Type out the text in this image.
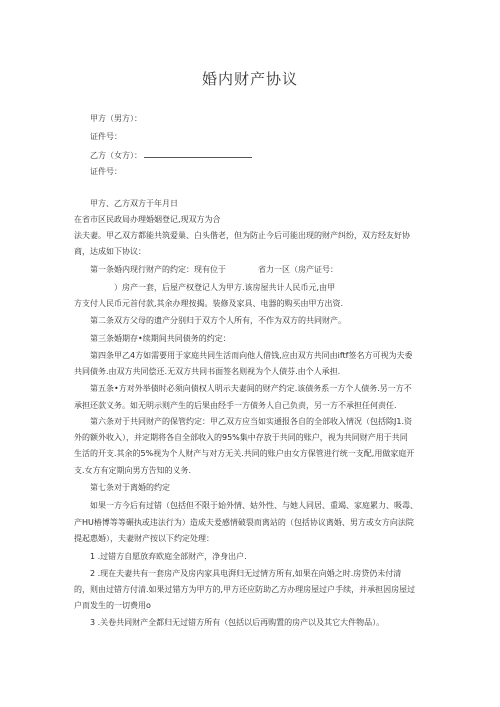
婚内财产协议
甲方（男方）：
证件号：
乙方（女方）：
证件号：
甲方、乙方双方于年月日
在省市区民政局办理婚姻登记,现双方为合
法夫妻。甲乙双方都能共筑爱巢、白头偕老，但为防止今后可能出现的财产纠纷，双方经友好协
商，达成如下协议：
第一条婚内现行财产的约定：现有位于	省力一区（房产证号：
）房产一套，后屋产权登记人为甲方.该房屋共计人民币元,由甲
方支付人民币元首付款,其余办理按揭。装修及家具、电器的购买由甲方出资.
第二条双方父母的遗产分别归于双方个人所有，不作为双方的共同财产。
第三条婚期存•续期间共同债务的约定：
第四条甲乙4方如需要用于家庭共同生活而向他人借钱,应由双方共同由iftf签名方可视为夫委
共同债务.由双方共同偿还.无双方共同书面签名则视为个人债芬.由个人承担.
第五条•方对外举债时必须向债权人明示夫妻间的财产约定.该债务系一方个人债务.另一方不
承担还款义务。如无明示则产生的后果由经手一方债务人自己负责，另一方不承担任何责任.
第六条对于共同财产的保管约定：甲乙双方应当如实通报各自的全部收入情况（包括除J1.资
外的额外收入），并定期将各自全部收入的95%集中存放于共同的账户，视为共同财产用于共同
生活的开支.其余的5%视为个人财产与对方无关.共同的账户由女方保管进行统一支配,用做家庭开
支.女方有定期向男方告知的义务.
第七条对于离婚的约定
如果一方今后有过错（包括但不限于始外情、姑外性、与她人同居、重竭、家庭累力、吸毒、
产HU椿博等等碾执或违法行为）造成夫爰感情破裂而离站的（包括协议离婚、男方或女方向法院
提起惠婚），夫妻财产按以下约定处理：
1 .过错方自愿放弃欧庭全部财产，净身出户.
2 .现在夫妻共有一套房产及房内家具电湃归无过情方所有,如果在向婚之时.房贷仍未付清
的，则由过错方付清.如果过错方为甲方的,甲方还应防助乙方办理房屋过户手续，并承担因房屋过
户而发生的一切费用o
3 .关卷共同财产全都归无过错方所有（包括以后再购置的房产以及其它大件物品）。
